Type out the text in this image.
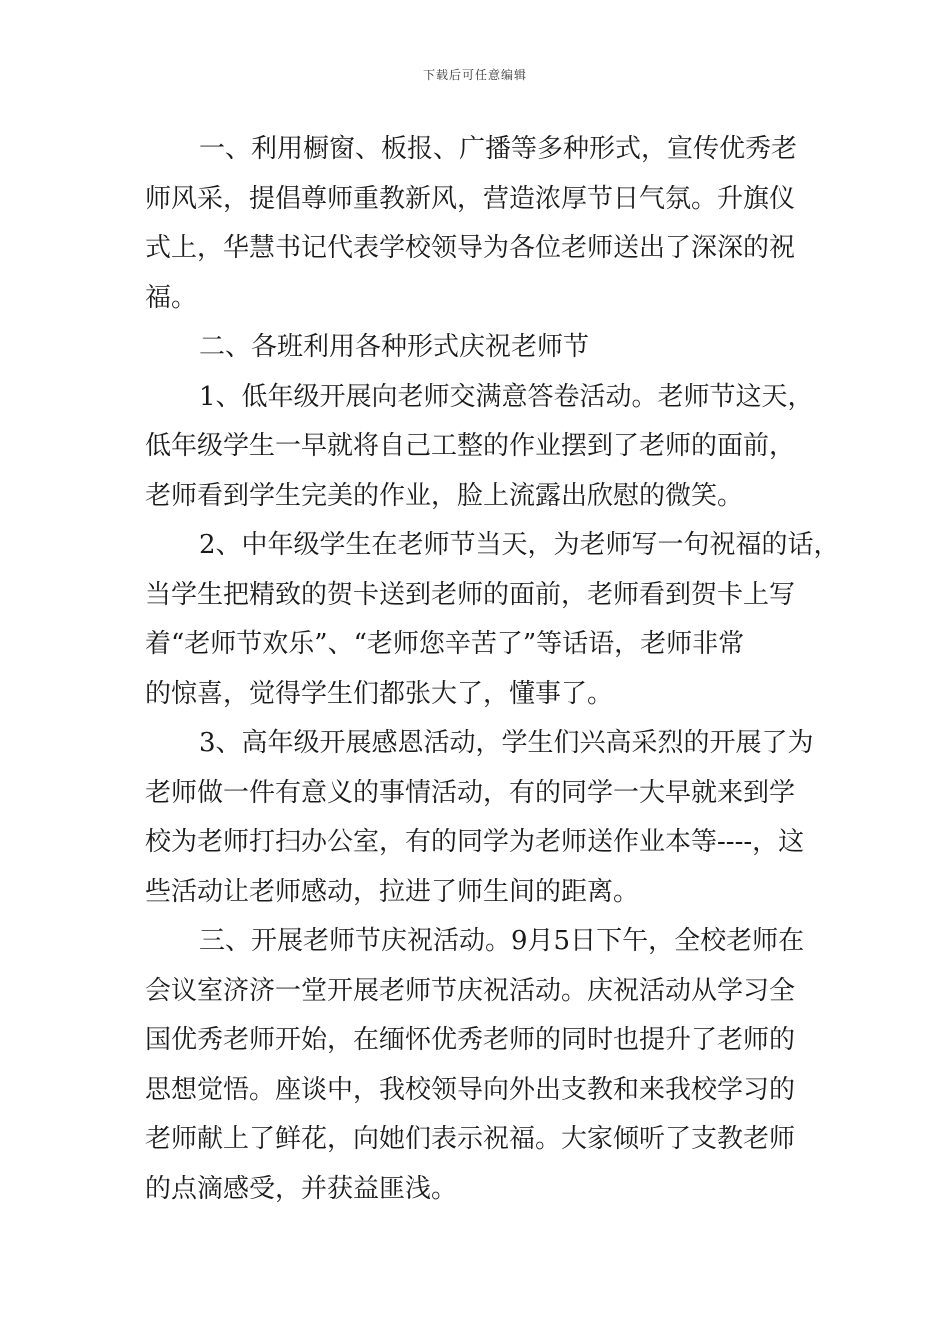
下载后可任意编辑
一、利用橱窗、板报、广播等多种形式，宣传优秀老
师风采，提倡尊师重教新风，营造浓厚节日气氛。升旗仪
式上，华慧书记代表学校领导为各位老师送出了深深的祝
福。
二、各班利用各种形式庆祝老师节
1、低年级开展向老师交满意答卷活动。老师节这天，
低年级学生一早就将自己工整的作业摆到了老师的面前，
老师看到学生完美的作业，脸上流露出欣慰的微笑。
2、中年级学生在老师节当天，为老师写一句祝福的话，
当学生把精致的贺卡送到老师的面前，老师看到贺卡上写
着“老师节欢乐”、“老师您辛苦了”等话语，老师非常
的惊喜，觉得学生们都张大了，懂事了。
3、高年级开展感恩活动，学生们兴高采烈的开展了为
老师做一件有意义的事情活动，有的同学一大早就来到学
校为老师打扫办公室，有的同学为老师送作业本等----，这
些活动让老师感动，拉进了师生间的距离。
三、开展老师节庆祝活动。9月5日下午，全校老师在
会议室济济一堂开展老师节庆祝活动。庆祝活动从学习全
国优秀老师开始，在缅怀优秀老师的同时也提升了老师的
思想觉悟。座谈中，我校领导向外出支教和来我校学习的
老师献上了鲜花，向她们表示祝福。大家倾听了支教老师
的点滴感受，并获益匪浅。
